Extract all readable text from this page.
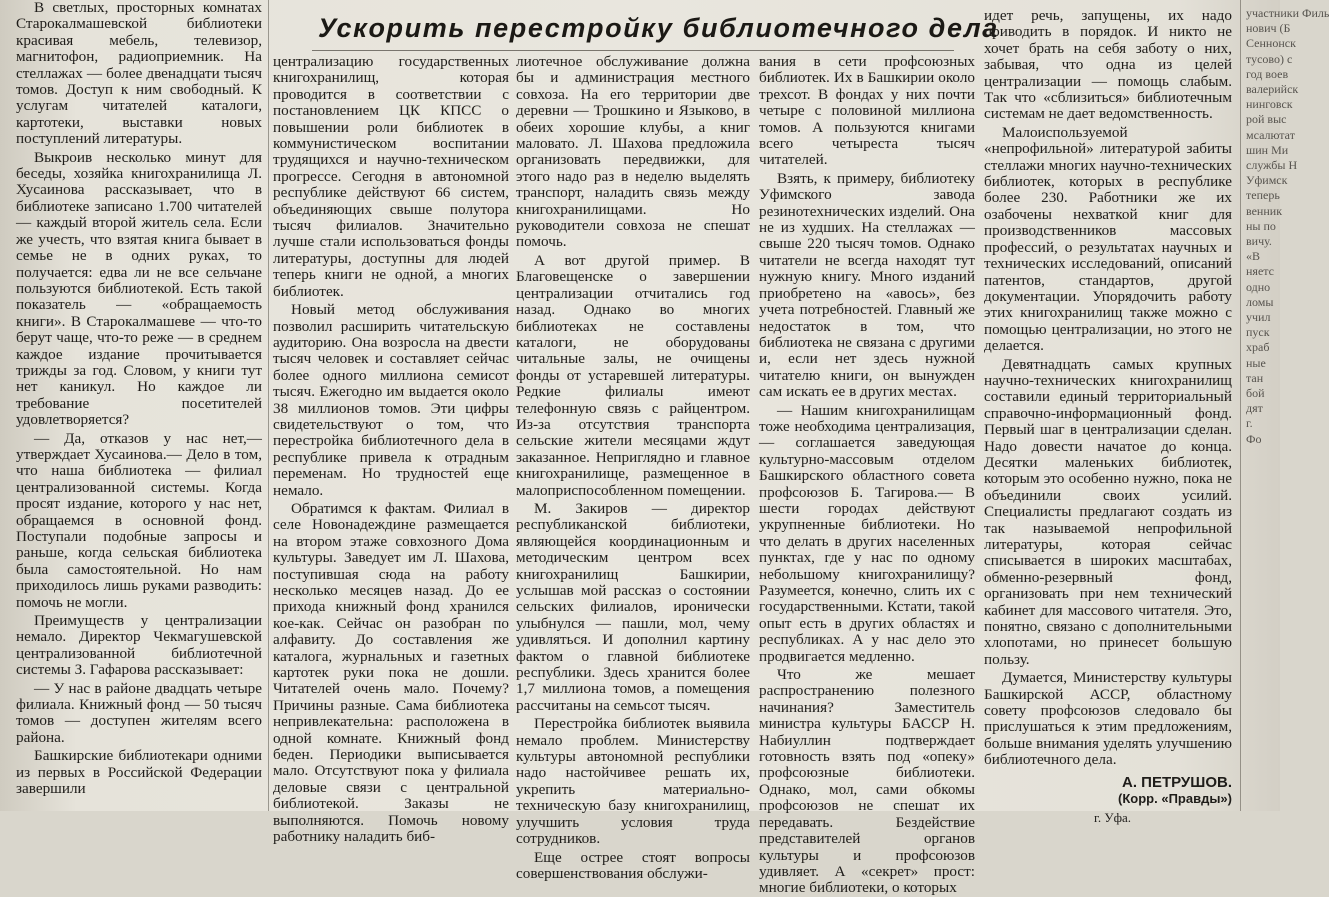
В светлых, просторных комнатах Старокалмашевской библиотеки красивая мебель, телевизор, магнитофон, радиоприемник. На стеллажах — более двенадцати тысяч томов. Доступ к ним свободный. К услугам читателей каталоги, картотеки, выставки новых поступлений литературы.

Выкроив несколько минут для беседы, хозяйка книгохранилища Л. Хусаинова рассказывает, что в библиотеке записано 1.700 читателей — каждый второй житель села. Если же учесть, что взятая книга бывает в семье не в одних руках, то получается: едва ли не все сельчане пользуются библиотекой. Есть такой показатель — «обращаемость книги». В Старокалмашеве — что-то берут чаще, что-то реже — в среднем каждое издание прочитывается трижды за год. Словом, у книги тут нет каникул. Но каждое ли требование посетителей удовлетворяется?

— Да, отказов у нас нет,— утверждает Хусаинова.— Дело в том, что наша библиотека — филиал централизованной системы. Когда просят издание, которого у нас нет, обращаемся в основной фонд. Поступали подобные запросы и раньше, когда сельская библиотека была самостоятельной. Но нам приходилось лишь руками разводить: помочь не могли.

Преимуществ у централизации немало. Директор Чекмагушевской централизованной библиотечной системы З. Гафарова рассказывает:

— У нас в районе двадцать четыре филиала. Книжный фонд — 50 тысяч томов — доступен жителям всего района.

Башкирские библиотекари одними из первых в Российской Федерации завершили

Ускорить перестройку библиотечного дела

централизацию государственных книгохранилищ, которая проводится в соответствии с постановлением ЦК КПСС о повышении роли библиотек в коммунистическом воспитании трудящихся и научно-техническом прогрессе. Сегодня в автономной республике действуют 66 систем, объединяющих свыше полутора тысяч филиалов. Значительно лучше стали использоваться фонды литературы, доступны для людей теперь книги не одной, а многих библиотек.

Новый метод обслуживания позволил расширить читательскую аудиторию. Она возросла на двести тысяч человек и составляет сейчас более одного миллиона семисот тысяч. Ежегодно им выдается около 38 миллионов томов. Эти цифры свидетельствуют о том, что перестройка библиотечного дела в республике привела к отрадным переменам. Но трудностей еще немало.

Обратимся к фактам. Филиал в селе Новонадеждине размещается на втором этаже совхозного Дома культуры. Заведует им Л. Шахова, поступившая сюда на работу несколько месяцев назад. До ее прихода книжный фонд хранился кое-как. Сейчас он разобран по алфавиту. До составления же каталога, журнальных и газетных картотек руки пока не дошли. Читателей очень мало. Почему? Причины разные. Сама библиотека непривлекательна: расположена в одной комнате. Книжный фонд беден. Периодики выписывается мало. Отсутствуют пока у филиала деловые связи с центральной библиотекой. Заказы не выполняются. Помочь новому работнику наладить биб-

лиотечное обслуживание должна бы и администрация местного совхоза. На его территории две деревни — Трошкино и Языково, в обеих хорошие клубы, а книг маловато. Л. Шахова предложила организовать передвижки, для этого надо раз в неделю выделять транспорт, наладить связь между книгохранилищами. Но руководители совхоза не спешат помочь.

А вот другой пример. В Благовещенске о завершении централизации отчитались год назад. Однако во многих библиотеках не составлены каталоги, не оборудованы читальные залы, не очищены фонды от устаревшей литературы. Редкие филиалы имеют телефонную связь с райцентром. Из-за отсутствия транспорта сельские жители месяцами ждут заказанное. Неприглядно и главное книгохранилище, размещенное в малоприспособленном помещении.

М. Закиров — директор республиканской библиотеки, являющейся координационным и методическим центром всех книгохранилищ Башкирии, услышав мой рассказ о состоянии сельских филиалов, иронически улыбнулся — пашли, мол, чему удивляться. И дополнил картину фактом о главной библиотеке республики. Здесь хранится более 1,7 миллиона томов, а помещения рассчитаны на семьсот тысяч.

Перестройка библиотек выявила немало проблем. Министерству культуры автономной республики надо настойчивее решать их, укрепить материально-техническую базу книгохранилищ, улучшить условия труда сотрудников.

Еще острее стоят вопросы совершенствования обслужи-

вания в сети профсоюзных библиотек. Их в Башкирии около трехсот. В фондах у них почти четыре с половиной миллиона томов. А пользуются книгами всего четыреста тысяч читателей.

Взять, к примеру, библиотеку Уфимского завода резинотехнических изделий. Она не из худших. На стеллажах — свыше 220 тысяч томов. Однако читатели не всегда находят тут нужную книгу. Много изданий приобретено на «авось», без учета потребностей. Главный же недостаток в том, что библиотека не связана с другими и, если нет здесь нужной читателю книги, он вынужден сам искать ее в других местах.

— Нашим книгохранилищам тоже необходима централизация,— соглашается заведующая культурно-массовым отделом Башкирского областного совета профсоюзов Б. Тагирова.— В шести городах действуют укрупненные библиотеки. Но что делать в других населенных пунктах, где у нас по одному небольшому книгохранилищу? Разумеется, конечно, слить их с государственными. Кстати, такой опыт есть в других областях и республиках. А у нас дело это продвигается медленно.

Что же мешает распространению полезного начинания? Заместитель министра культуры БАССР Н. Набиуллин подтверждает готовность взять под «опеку» профсоюзные библиотеки. Однако, мол, сами обкомы профсоюзов не спешат их передавать. Бездействие представителей органов культуры и профсоюзов удивляет. А «секрет» прост: многие библиотеки, о которых

идет речь, запущены, их надо приводить в порядок. И никто не хочет брать на себя заботу о них, забывая, что одна из целей централизации — помощь слабым. Так что «сблизиться» библиотечным системам не дает ведомственность.

Малоиспользуемой «непрофильной» литературой забиты стеллажи многих научно-технических библиотек, которых в республике более 230. Работники же их озабочены нехваткой книг для производственников массовых профессий, о результатах научных и технических исследований, описаний патентов, стандартов, другой документации. Упорядочить работу этих книгохранилищ также можно с помощью централизации, но этого не делается.

Девятнадцать самых крупных научно-технических книгохранилищ составили единый территориальный справочно-информационный фонд. Первый шаг в централизации сделан. Надо довести начатое до конца. Десятки маленьких библиотек, которым это особенно нужно, пока не объединили своих усилий. Специалисты предлагают создать из так называемой непрофильной литературы, которая сейчас списывается в широких масштабах, обменно-резервный фонд, организовать при нем технический кабинет для массового читателя. Это, понятно, связано с дополнительными хлопотами, но принесет большую пользу.

Думается, Министерству культуры Башкирской АССР, областному совету профсоюзов следовало бы прислушаться к этим предложениям, больше внимания уделять улучшению библиотечного дела.

А. ПЕТРУШОВ.
(Корр. «Правды»)
г. Уфа.
участники Филь
нович (Б
Сеннонск
тусово) с
год воев
валерийск
нинговск
рой выс
мсалютат
шин Ми
службы Н
Уфимск
теперь
венник
ны по
вичу.
«В
няетс
одно
ломы
учил
пуск
храб
ные
тан
бой
дят
г.
Фо
